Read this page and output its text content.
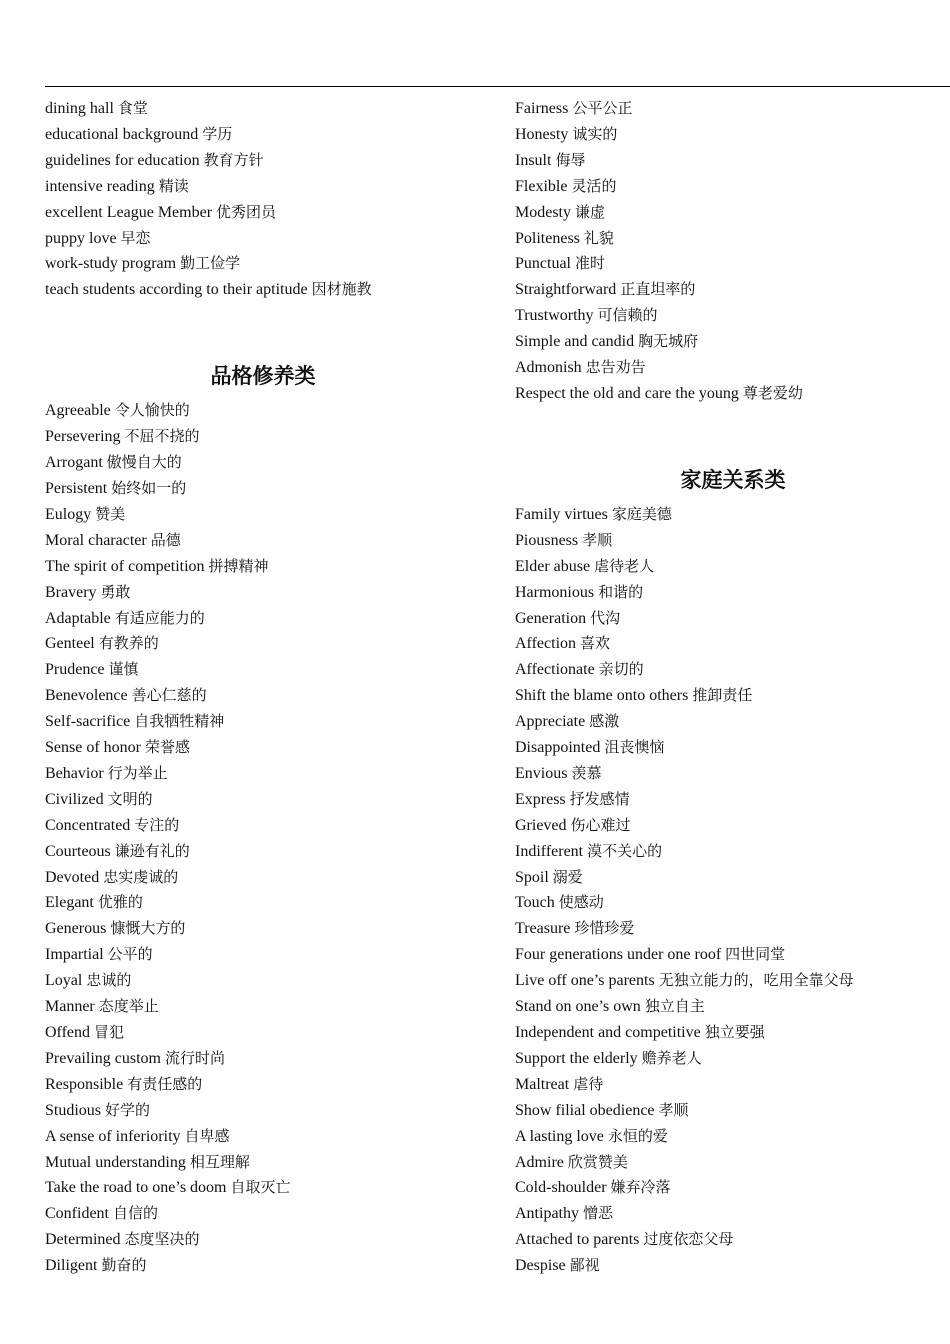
dining hall 食堂
educational background 学历
guidelines for education 教育方针
intensive reading 精读
excellent League Member 优秀团员
puppy love 早恋
work-study program 勤工俭学
teach students according to their aptitude 因材施教
品格修养类
Agreeable 令人愉快的
Persevering 不屈不挠的
Arrogant 傲慢自大的
Persistent 始终如一的
Eulogy 赞美
Moral character 品德
The spirit of competition 拼搏精神
Bravery 勇敢
Adaptable 有适应能力的
Genteel 有教养的
Prudence 谨慎
Benevolence 善心仁慈的
Self-sacrifice 自我牺牲精神
Sense of honor 荣誉感
Behavior 行为举止
Civilized 文明的
Concentrated 专注的
Courteous 谦逊有礼的
Devoted 忠实虔诚的
Elegant 优雅的
Generous 慷慨大方的
Impartial 公平的
Loyal 忠诚的
Manner 态度举止
Offend 冒犯
Prevailing custom 流行时尚
Responsible 有责任感的
Studious 好学的
A sense of inferiority 自卑感
Mutual understanding 相互理解
Take the road to one’s doom 自取灭亡
Confident 自信的
Determined 态度坚决的
Diligent 勤奋的
Fairness 公平公正
Honesty 诚实的
Insult 侮辱
Flexible 灵活的
Modesty 谦虚
Politeness 礼貌
Punctual 准时
Straightforward 正直坦率的
Trustworthy 可信赖的
Simple and candid 胸无城府
Admonish 忠告劝告
Respect the old and care the young 尊老爱幼
家庭关系类
Family virtues 家庭美德
Piousness 孝顺
Elder abuse 虐待老人
Harmonious 和谐的
Generation 代沟
Affection 喜欢
Affectionate 亲切的
Shift the blame onto others 推卸责任
Appreciate 感激
Disappointed 沮丧懊恼
Envious 羡慕
Express 抒发感情
Grieved 伤心难过
Indifferent 漠不关心的
Spoil 溺爱
Touch 使感动
Treasure 珍惜珍爱
Four generations under one roof 四世同堂
Live off one’s parents 无独立能力的，吃用全靠父母
Stand on one’s own 独立自主
Independent and competitive 独立要强
Support the elderly 赡养老人
Maltreat 虐待
Show filial obedience 孝顺
A lasting love 永恒的爱
Admire 欣赏赞美
Cold-shoulder 嫌弃冷落
Antipathy 憎恶
Attached to parents 过度依恋父母
Despise 鄙视
